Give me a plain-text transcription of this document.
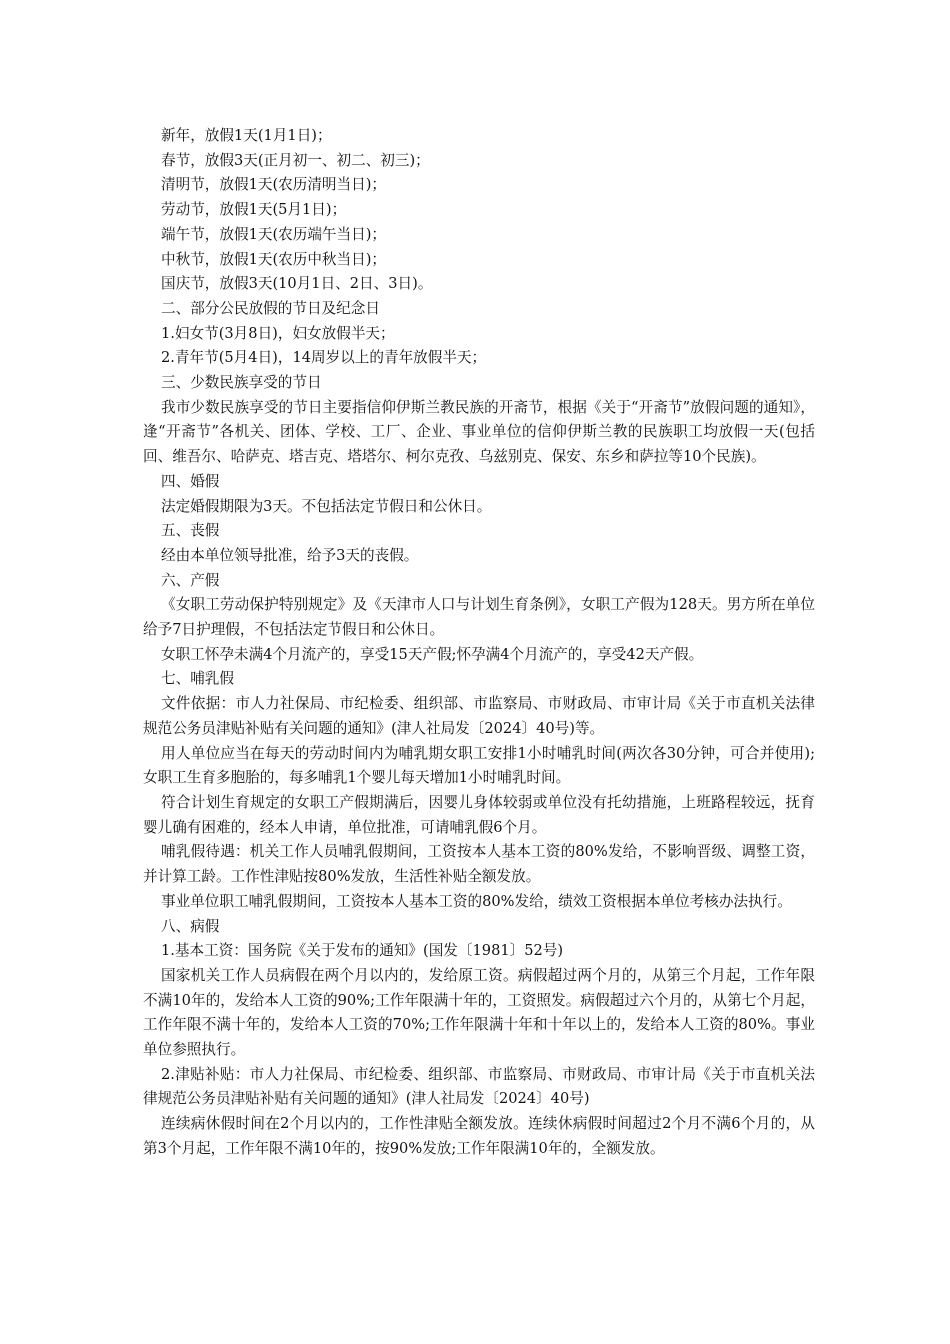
新年，放假1天(1月1日)；

春节，放假3天(正月初一、初二、初三)；

清明节，放假1天(农历清明当日)；

劳动节，放假1天(5月1日)；

端午节，放假1天(农历端午当日)；

中秋节，放假1天(农历中秋当日)；

国庆节，放假3天(10月1日、2日、3日)。

二、部分公民放假的节日及纪念日

1.妇女节(3月8日)，妇女放假半天；

2.青年节(5月4日)，14周岁以上的青年放假半天；

三、少数民族享受的节日

我市少数民族享受的节日主要指信仰伊斯兰教民族的开斋节，根据《关于“开斋节”放假问题的通知》，逢“开斋节”各机关、团体、学校、工厂、企业、事业单位的信仰伊斯兰教的民族职工均放假一天(包括回、维吾尔、哈萨克、塔吉克、塔塔尔、柯尔克孜、乌兹别克、保安、东乡和萨拉等10个民族)。

四、婚假

法定婚假期限为3天。不包括法定节假日和公休日。

五、丧假

经由本单位领导批准，给予3天的丧假。

六、产假

《女职工劳动保护特别规定》及《天津市人口与计划生育条例》，女职工产假为128天。男方所在单位给予7日护理假，不包括法定节假日和公休日。

女职工怀孕未满4个月流产的，享受15天产假;怀孕满4个月流产的，享受42天产假。

七、哺乳假

文件依据：市人力社保局、市纪检委、组织部、市监察局、市财政局、市审计局《关于市直机关法律规范公务员津贴补贴有关问题的通知》(津人社局发〔2024〕40号)等。

用人单位应当在每天的劳动时间内为哺乳期女职工安排1小时哺乳时间(两次各30分钟，可合并使用);女职工生育多胞胎的，每多哺乳1个婴儿每天增加1小时哺乳时间。

符合计划生育规定的女职工产假期满后，因婴儿身体较弱或单位没有托幼措施，上班路程较远，抚育婴儿确有困难的，经本人申请，单位批准，可请哺乳假6个月。

哺乳假待遇：机关工作人员哺乳假期间，工资按本人基本工资的80%发给，不影响晋级、调整工资，并计算工龄。工作性津贴按80%发放，生活性补贴全额发放。

事业单位职工哺乳假期间，工资按本人基本工资的80%发给，绩效工资根据本单位考核办法执行。

八、病假

1.基本工资：国务院《关于发布的通知》(国发〔1981〕52号)

国家机关工作人员病假在两个月以内的，发给原工资。病假超过两个月的，从第三个月起，工作年限不满10年的，发给本人工资的90%;工作年限满十年的，工资照发。病假超过六个月的，从第七个月起，工作年限不满十年的，发给本人工资的70%;工作年限满十年和十年以上的，发给本人工资的80%。事业单位参照执行。

2.津贴补贴：市人力社保局、市纪检委、组织部、市监察局、市财政局、市审计局《关于市直机关法律规范公务员津贴补贴有关问题的通知》(津人社局发〔2024〕40号)

连续病休假时间在2个月以内的，工作性津贴全额发放。连续休病假时间超过2个月不满6个月的，从第3个月起，工作年限不满10年的，按90%发放;工作年限满10年的，全额发放。
